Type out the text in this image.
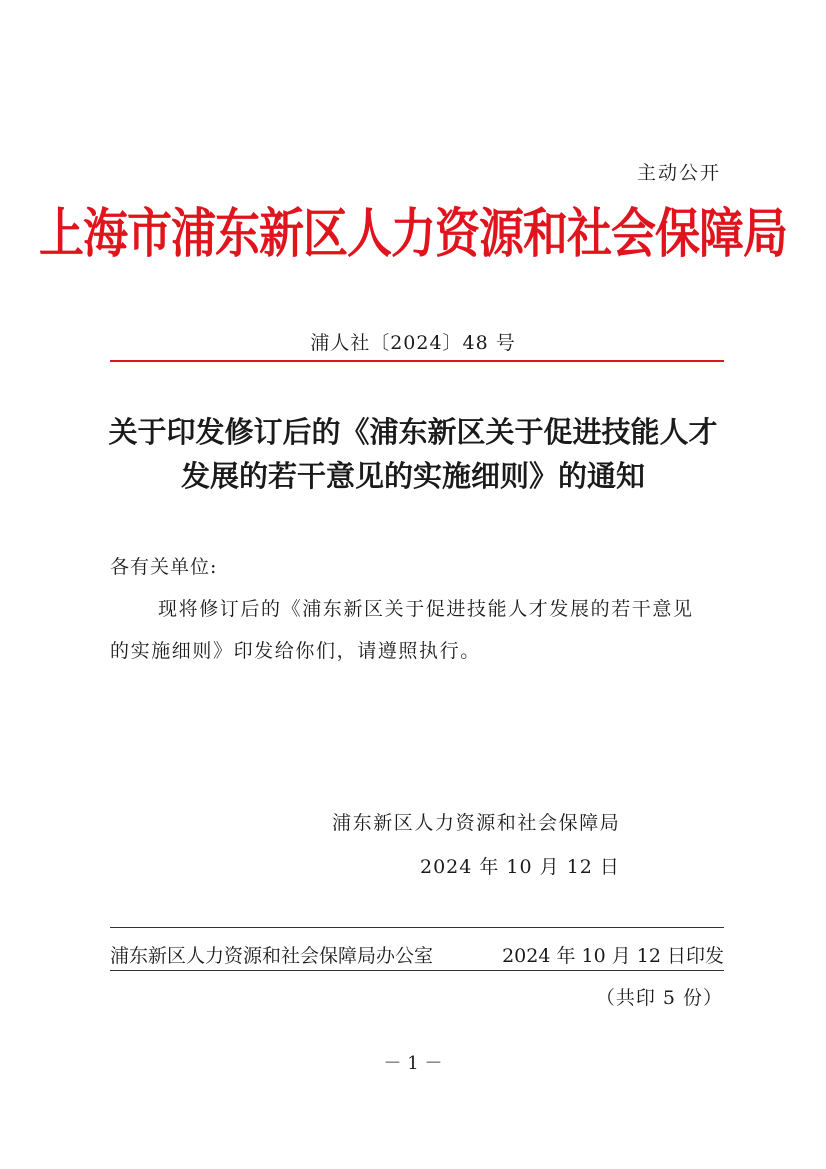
主动公开
上海市浦东新区人力资源和社会保障局
浦人社〔2024〕48 号
关于印发修订后的《浦东新区关于促进技能人才
发展的若干意见的实施细则》的通知
各有关单位:
现将修订后的《浦东新区关于促进技能人才发展的若干意见
的实施细则》印发给你们，请遵照执行。
浦东新区人力资源和社会保障局
2024 年 10 月 12 日
浦东新区人力资源和社会保障局办公室	2024 年 10 月 12 日印发
（共印 5 份）
－ 1 －
